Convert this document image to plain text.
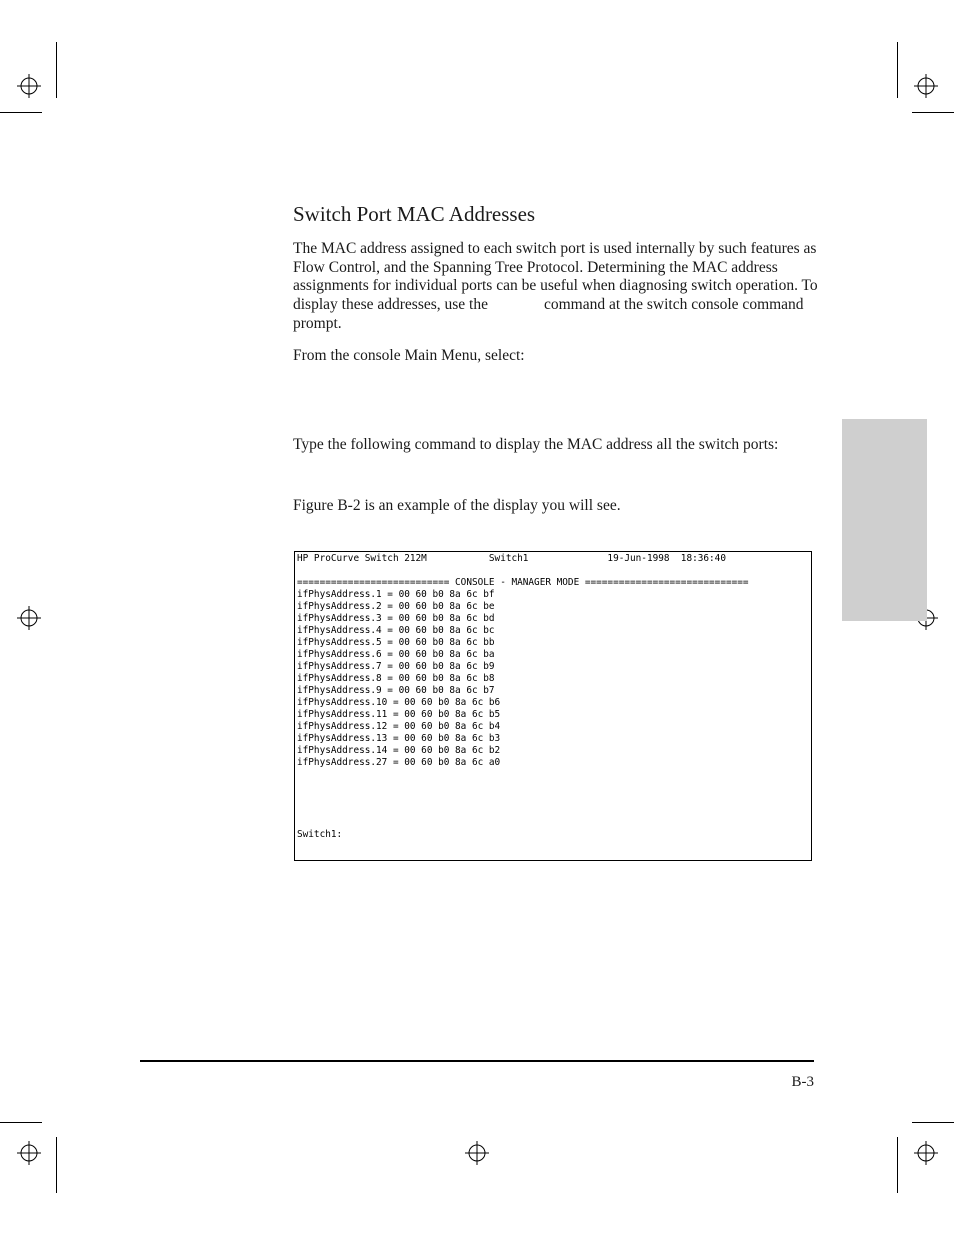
Switch Port MAC Addresses
The MAC address assigned to each switch port is used internally by such features as Flow Control, and the Spanning Tree Protocol. Determining the MAC address assignments for individual ports can be useful when diagnosing switch operation. To display these addresses, use the	command at the switch console command prompt.
From the console Main Menu, select:
Type the following command to display the MAC address all the switch ports:
Figure B-2 is an example of the display you will see.
HP ProCurve Switch 212M           Switch1              19-Jun-1998  18:36:40
=========================== CONSOLE - MANAGER MODE =============================
ifPhysAddress.1 = 00 60 b0 8a 6c bf
ifPhysAddress.2 = 00 60 b0 8a 6c be
ifPhysAddress.3 = 00 60 b0 8a 6c bd
ifPhysAddress.4 = 00 60 b0 8a 6c bc
ifPhysAddress.5 = 00 60 b0 8a 6c bb
ifPhysAddress.6 = 00 60 b0 8a 6c ba
ifPhysAddress.7 = 00 60 b0 8a 6c b9
ifPhysAddress.8 = 00 60 b0 8a 6c b8
ifPhysAddress.9 = 00 60 b0 8a 6c b7
ifPhysAddress.10 = 00 60 b0 8a 6c b6
ifPhysAddress.11 = 00 60 b0 8a 6c b5
ifPhysAddress.12 = 00 60 b0 8a 6c b4
ifPhysAddress.13 = 00 60 b0 8a 6c b3
ifPhysAddress.14 = 00 60 b0 8a 6c b2
ifPhysAddress.27 = 00 60 b0 8a 6c a0
Switch1:
B-3
